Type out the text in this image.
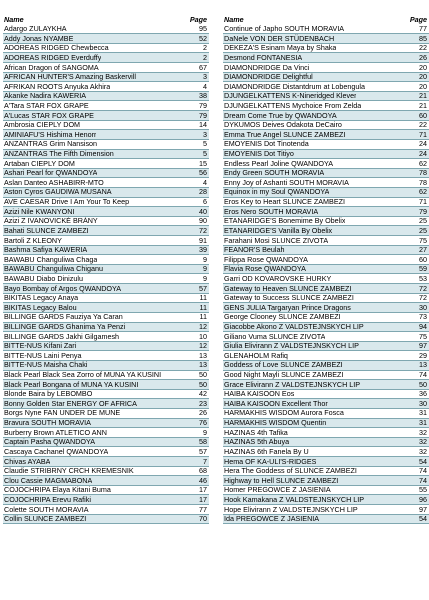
Name	Page
Adargo ZULAYKHA	95
Addy Jonas NYAMBE	52
ADOREAS RIDGED Chewbecca	2
ADOREAS RIDGED Everduffy	2
African Dragon of SANGOMA	67
AFRICAN HUNTER'S Amazing Baskervill	3
AFRIKAN ROOTS Anyuka Akhira	4
Akanke Nadira KAWERIA	38
A'Tara STAR FOX GRAPE	79
A'Lucas STAR FOX GRAPE	79
Ambrosia CIEPLY DOM	14
AMINIAFU'S Hishima Henorr	3
ANZANTRAS Grim Nansison	5
ANZANTRAS The Fifth Dimension	5
Artaban CIEPLY DOM	15
Ashari Pearl for QWANDOYA	56
Aslan Danteo ASHABIRR-MTO	4
Aston Cyros GAUDIWA MUSANA	28
AVE CAESAR Drive I Am Your To Keep	6
Azizi Nile KWANYONI	40
Azizi Z IVANOVICKÉ BRÁNY	90
Bahati SLUNCE ZAMBEZI	72
Bartoli Z KLEONY	91
Bashma Safiya KAWERIA	39
BAWABU Changuliwa Chaga	9
BAWABU Changuliwa Chiganu	9
BAWABU Diabo Dinizulu	9
Bayo Bombay of Argos QWANDOYA	57
BIKITAS Legacy Anaya	11
BIKITAS Legacy Balou	11
BILLINGE GARDS Fauziya Ya Caran	11
BILLINGE GARDS Ghanima Ya Penzi	12
BILLINGE GARDS Jakhi Gilgamesh	10
BITTE-NUS Kifani Zari	12
BITTE-NUS Laini Penya	13
BITTE-NUS Maisha Chaki	13
Black Pearl Black Sea Zorro of MUNA YA KUSINI	50
Black Pearl Bongana of MUNA YA KUSINI	50
Blonde Baira by LEBOMBO	42
Bonny Golden Star ENERGY OF AFRICA	23
Borgs Nyne FAN UNDER DE MUNE	26
Bravura SOUTH MORAVIA	76
Burberry Brown ATLETICO ANN	9
Captain Pasha QWANDOYA	58
Cascaya Cachanel QWANDOYA	57
Chivas AYABA	7
Claudie STRIBRNY CRCH KREMESNIK	68
Clou Cassie MAGMABONA	46
COJOCHRIPA Elaya Kitani Buma	17
COJOCHRIPA Erevu Rafiki	17
Colette SOUTH MORAVIA	77
Collin SLUNCE ZAMBEZI	70
Name	Page
Continue of Japho SOUTH MORAVIA	77
DaNele VON DER STÜDENBACH	85
DEKEZA'S Esinam Maya by Shaka	22
Desmond FONTANESIA	26
DIAMONDRIDGE Da Vinci	20
DIAMONDRIDGE Delightful	20
DIAMONDRIDGE Distantdrum at Lobengula	20
DJUNGELKATTENS K-Nineridged Klever	21
DJUNGELKATTENS Mychoice From Zelda	21
Dream Come True by QWANDOYA	60
DYKUMOS Deives Odakota DeCairo	22
Emma True Angel SLUNCE ZAMBEZI	71
EMOYENIS Dot Tinotenda	24
EMOYENIS Dot Titiyo	24
Endless Pearl Joline QWANDOYA	62
Endy Green SOUTH MORAVIA	78
Enny Joy of Ashanti SOUTH MORAVIA	78
Equinox in my Soul QWANDOYA	62
Eros Key to Heart SLUNCE ZAMBEZI	71
Eros Nero SOUTH MORAVIA	79
ETANARIDGE'S Bonemime By Obelix	25
ETANARIDGE'S Vanilla By Obelix	25
Farahani Mosi SLUNCE ZIVOTA	75
FEANOR'S Beulah	27
Filippa Rose QWANDOYA	60
Flavia Rose QWANDOYA	59
Garri OD KOVAROVSKE HURKY	53
Gateway to Heaven SLUNCE ZAMBEZI	72
Gateway to Success SLUNCE ZAMBEZI	72
GENS JULIA Targaryan Prince Dragons	30
George Clooney SLUNCE ZAMBEZI	73
Giacobbe Akono Z VALDSTEJNSKYCH LIP	94
Giliano Vuma SLUNCE ZIVOTA	75
Giulia Elivirann Z VALDSTEJNSKYCH LIP	97
GLENAHOLM Rafiq	29
Goddess of Love SLUNCE ZAMBEZI	13
Good Night Mayli SLUNCE ZAMBEZI	74
Grace Elivirann Z VALDSTEJNSKYCH LIP	50
HAIBA KAISOON Eos	36
HAIBA KAISOON Excellent Thor	30
HARMAKHIS WISDOM Aurora Fosca	31
HARMAKHIS WISDOM Quentin	31
HAZINAS 4th Tafika	32
HAZINAS 5th Abuya	32
HAZINAS 6th Fanela By U	32
Hema OF KA-ULI'S-RIDGES	54
Hera The Goddess of SLUNCE ZAMBEZI	74
Highway to Hell SLUNCE ZAMBEZI	74
Homer PREGOWCE Z JASIENIA	55
Hook Kamakana Z VALDSTEJNSKYCH LIP	96
Hope Elivirann Z VALDSTEJNSKYCH LIP	97
Ida PREGOWCE Z JASIENIA	54
